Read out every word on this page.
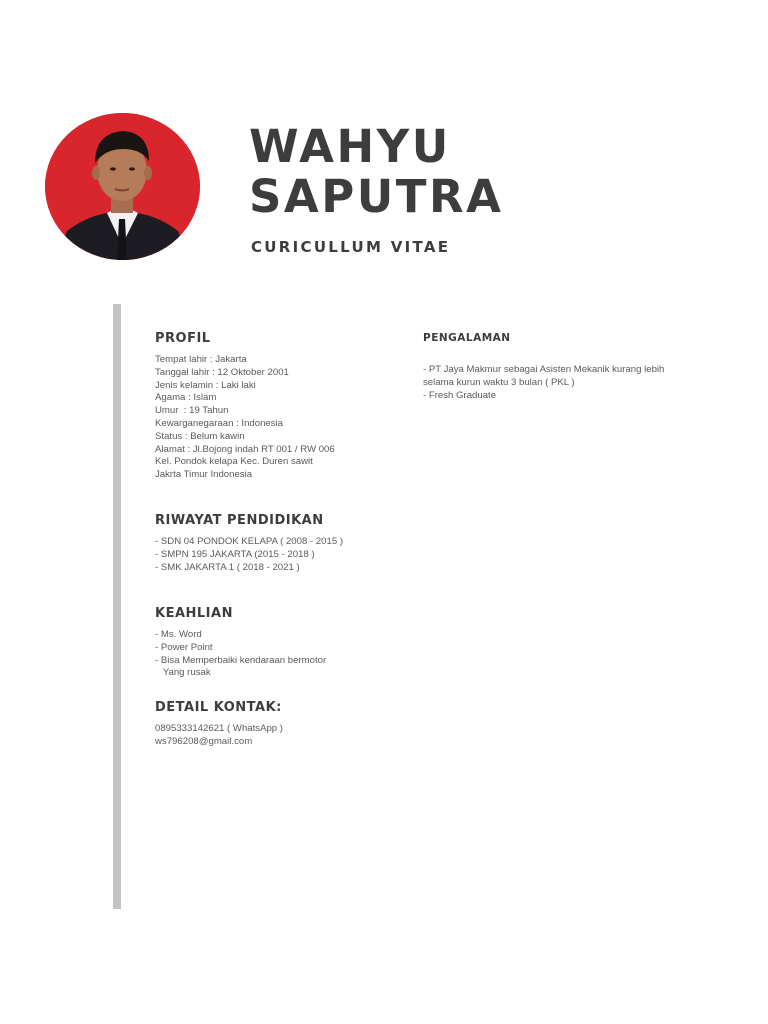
WAHYU
SAPUTRA
CURICULLUM VITAE
PROFIL
Tempat lahir : Jakarta
Tanggal lahir : 12 Oktober 2001
Jenis kelamin : Laki laki
Agama : Islam
Umur  : 19 Tahun
Kewarganegaraan : Indonesia
Status : Belum kawin
Alamat : Jl.Bojong indah RT 001 / RW 006
Kel. Pondok kelapa Kec. Duren sawit
Jakrta Timur Indonesia
RIWAYAT PENDIDIKAN
- SDN 04 PONDOK KELAPA ( 2008 - 2015 )
- SMPN 195 JAKARTA (2015 - 2018 )
- SMK JAKARTA 1 ( 2018 - 2021 )
KEAHLIAN
- Ms. Word
- Power Point
- Bisa Memperbaiki kendaraan bermotor
Yang rusak
DETAIL KONTAK:
0895333142621 ( WhatsApp )
ws796208@gmail.com
PENGALAMAN
- PT Jaya Makmur sebagai Asisten Mekanik kurang lebih
selama kurun waktu 3 bulan ( PKL )
- Fresh Graduate
